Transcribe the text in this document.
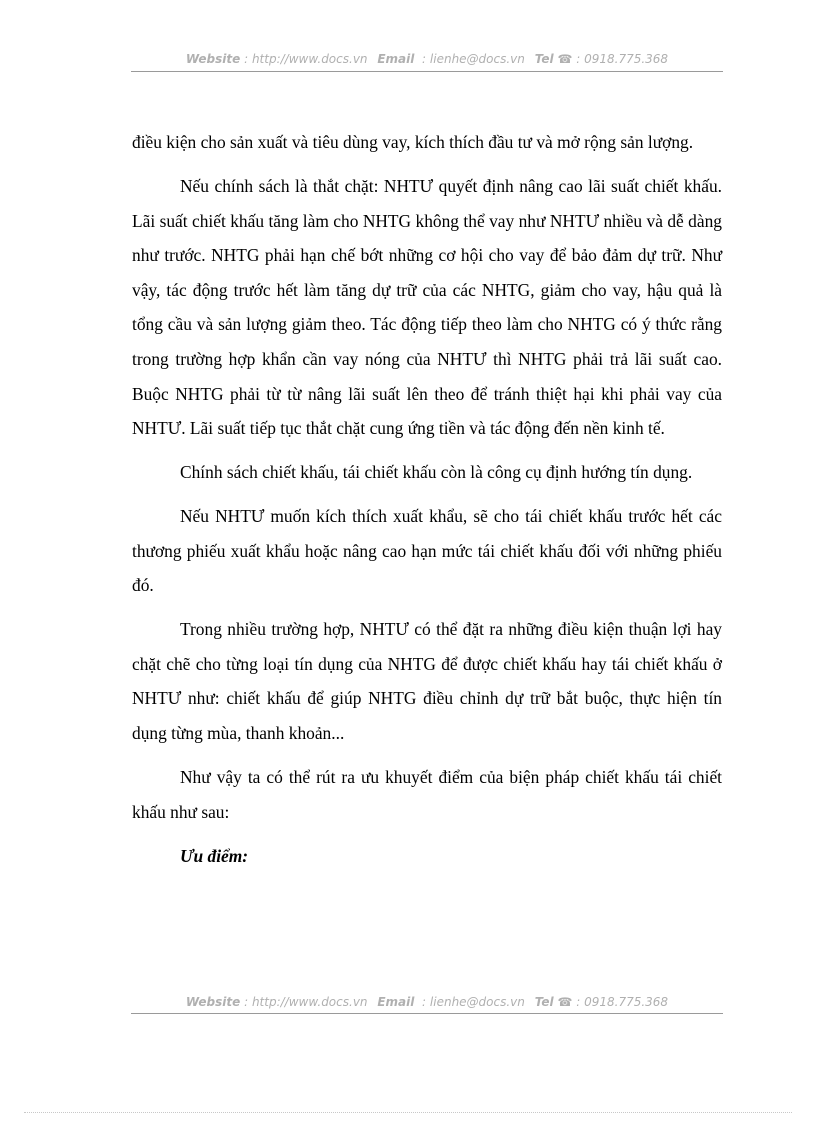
Website : http://www.docs.vn Email : lienhe@docs.vn Tel ☎ : 0918.775.368

điều kiện cho sản xuất và tiêu dùng vay, kích thích đầu tư và mở rộng sản lượng.

Nếu chính sách là thắt chặt: NHTƯ quyết định nâng cao lãi suất chiết khấu. Lãi suất chiết khấu tăng làm cho NHTG không thể vay như NHTƯ nhiều và dễ dàng như trước. NHTG phải hạn chế bớt những cơ hội cho vay để bảo đảm dự trữ. Như vậy, tác động trước hết làm tăng dự trữ của các NHTG, giảm cho vay, hậu quả là tổng cầu và sản lượng giảm theo. Tác động tiếp theo làm cho NHTG có ý thức rằng trong trường hợp khẩn cần vay nóng của NHTƯ thì NHTG phải trả lãi suất cao. Buộc NHTG phải từ từ nâng lãi suất lên theo để tránh thiệt hại khi phải vay của NHTƯ. Lãi suất tiếp tục thắt chặt cung ứng tiền và tác động đến nền kinh tế.

Chính sách chiết khấu, tái chiết khấu còn là công cụ định hướng tín dụng.

Nếu NHTƯ muốn kích thích xuất khẩu, sẽ cho tái chiết khấu trước hết các thương phiếu xuất khẩu hoặc nâng cao hạn mức tái chiết khấu đối với những phiếu đó.

Trong nhiều trường hợp, NHTƯ có thể đặt ra những điều kiện thuận lợi hay chặt chẽ cho từng loại tín dụng của NHTG để được chiết khấu hay tái chiết khấu ở NHTƯ như: chiết khấu để giúp NHTG điều chỉnh dự trữ bắt buộc, thực hiện tín dụng từng mùa, thanh khoản...

Như vậy ta có thể rút ra ưu khuyết điểm của biện pháp chiết khấu tái chiết khấu như sau:

Ưu điểm:

Website : http://www.docs.vn Email : lienhe@docs.vn Tel ☎ : 0918.775.368
